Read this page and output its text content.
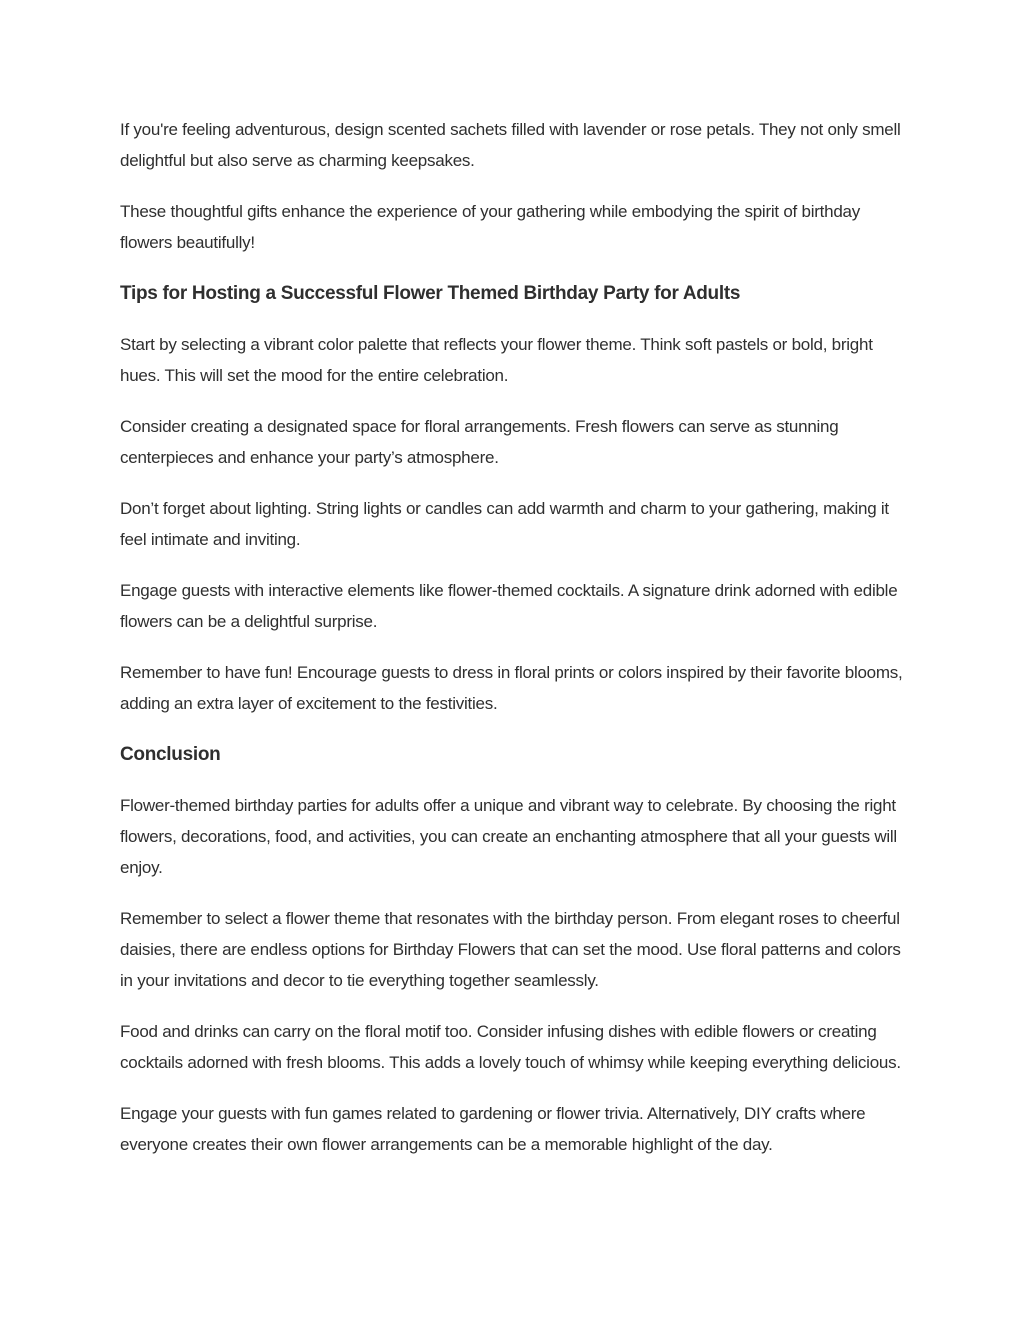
If you're feeling adventurous, design scented sachets filled with lavender or rose petals. They not only smell delightful but also serve as charming keepsakes.

These thoughtful gifts enhance the experience of your gathering while embodying the spirit of birthday flowers beautifully!

Tips for Hosting a Successful Flower Themed Birthday Party for Adults

Start by selecting a vibrant color palette that reflects your flower theme. Think soft pastels or bold, bright hues. This will set the mood for the entire celebration.

Consider creating a designated space for floral arrangements. Fresh flowers can serve as stunning centerpieces and enhance your party’s atmosphere.

Don’t forget about lighting. String lights or candles can add warmth and charm to your gathering, making it feel intimate and inviting.

Engage guests with interactive elements like flower-themed cocktails. A signature drink adorned with edible flowers can be a delightful surprise.

Remember to have fun! Encourage guests to dress in floral prints or colors inspired by their favorite blooms, adding an extra layer of excitement to the festivities.

Conclusion

Flower-themed birthday parties for adults offer a unique and vibrant way to celebrate. By choosing the right flowers, decorations, food, and activities, you can create an enchanting atmosphere that all your guests will enjoy.

Remember to select a flower theme that resonates with the birthday person. From elegant roses to cheerful daisies, there are endless options for Birthday Flowers that can set the mood. Use floral patterns and colors in your invitations and decor to tie everything together seamlessly.

Food and drinks can carry on the floral motif too. Consider infusing dishes with edible flowers or creating cocktails adorned with fresh blooms. This adds a lovely touch of whimsy while keeping everything delicious.

Engage your guests with fun games related to gardening or flower trivia. Alternatively, DIY crafts where everyone creates their own flower arrangements can be a memorable highlight of the day.
